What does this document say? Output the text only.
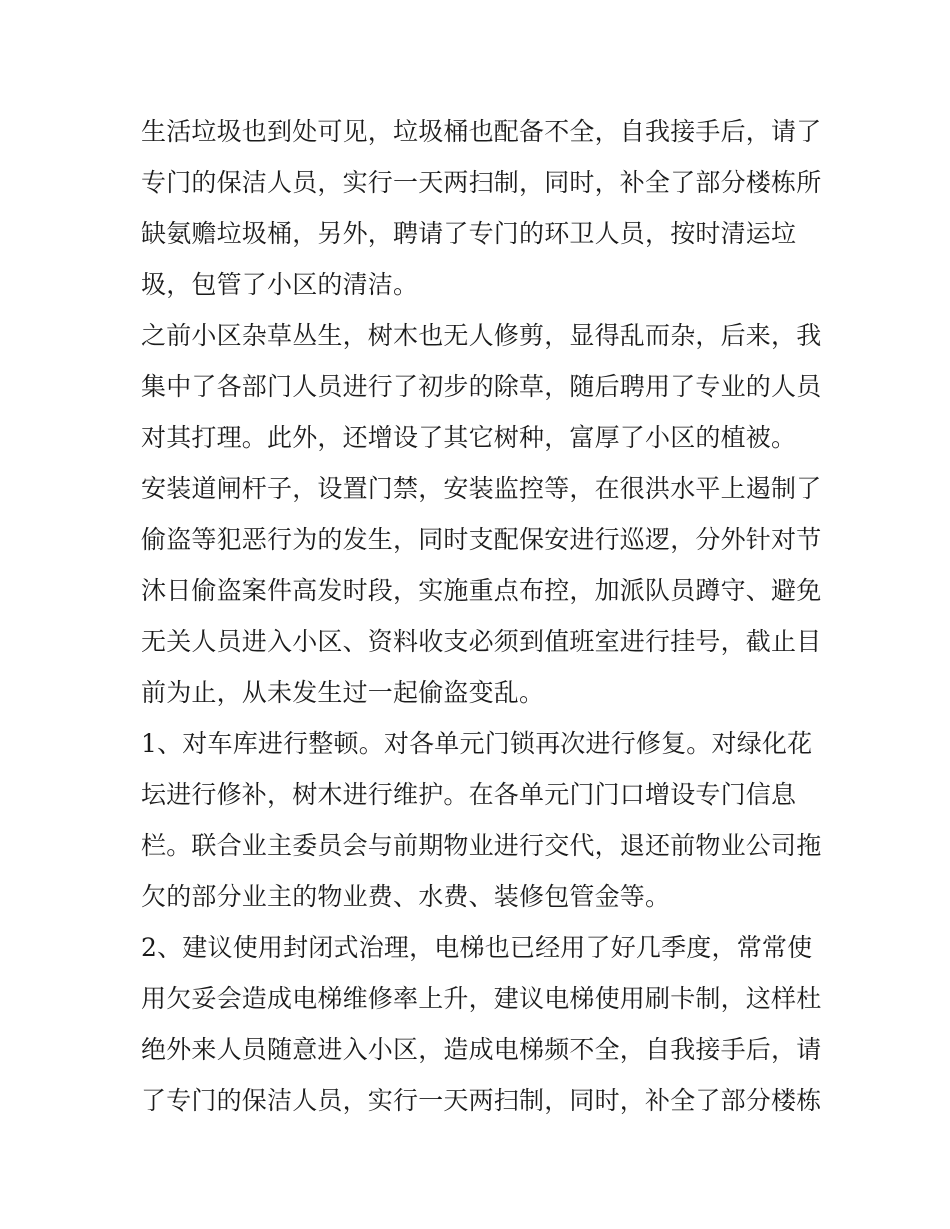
生活垃圾也到处可见，垃圾桶也配备不全，自我接手后，请了
专门的保洁人员，实行一天两扫制，同时，补全了部分楼栋所
缺氨赡垃圾桶，另外，聘请了专门的环卫人员，按时清运垃
圾，包管了小区的清洁。
之前小区杂草丛生，树木也无人修剪，显得乱而杂，后来，我
集中了各部门人员进行了初步的除草，随后聘用了专业的人员
对其打理。此外，还增设了其它树种，富厚了小区的植被。
安装道闸杆子，设置门禁，安装监控等，在很洪水平上遏制了
偷盗等犯恶行为的发生，同时支配保安进行巡逻，分外针对节
沐日偷盗案件高发时段，实施重点布控，加派队员蹲守、避免
无关人员进入小区、资料收支必须到值班室进行挂号，截止目
前为止，从未发生过一起偷盗变乱。
1、对车库进行整顿。对各单元门锁再次进行修复。对绿化花
坛进行修补，树木进行维护。在各单元门门口增设专门信息
栏。联合业主委员会与前期物业进行交代，退还前物业公司拖
欠的部分业主的物业费、水费、装修包管金等。
2、建议使用封闭式治理，电梯也已经用了好几季度，常常使
用欠妥会造成电梯维修率上升，建议电梯使用刷卡制，这样杜
绝外来人员随意进入小区，造成电梯频不全，自我接手后，请
了专门的保洁人员，实行一天两扫制，同时，补全了部分楼栋
